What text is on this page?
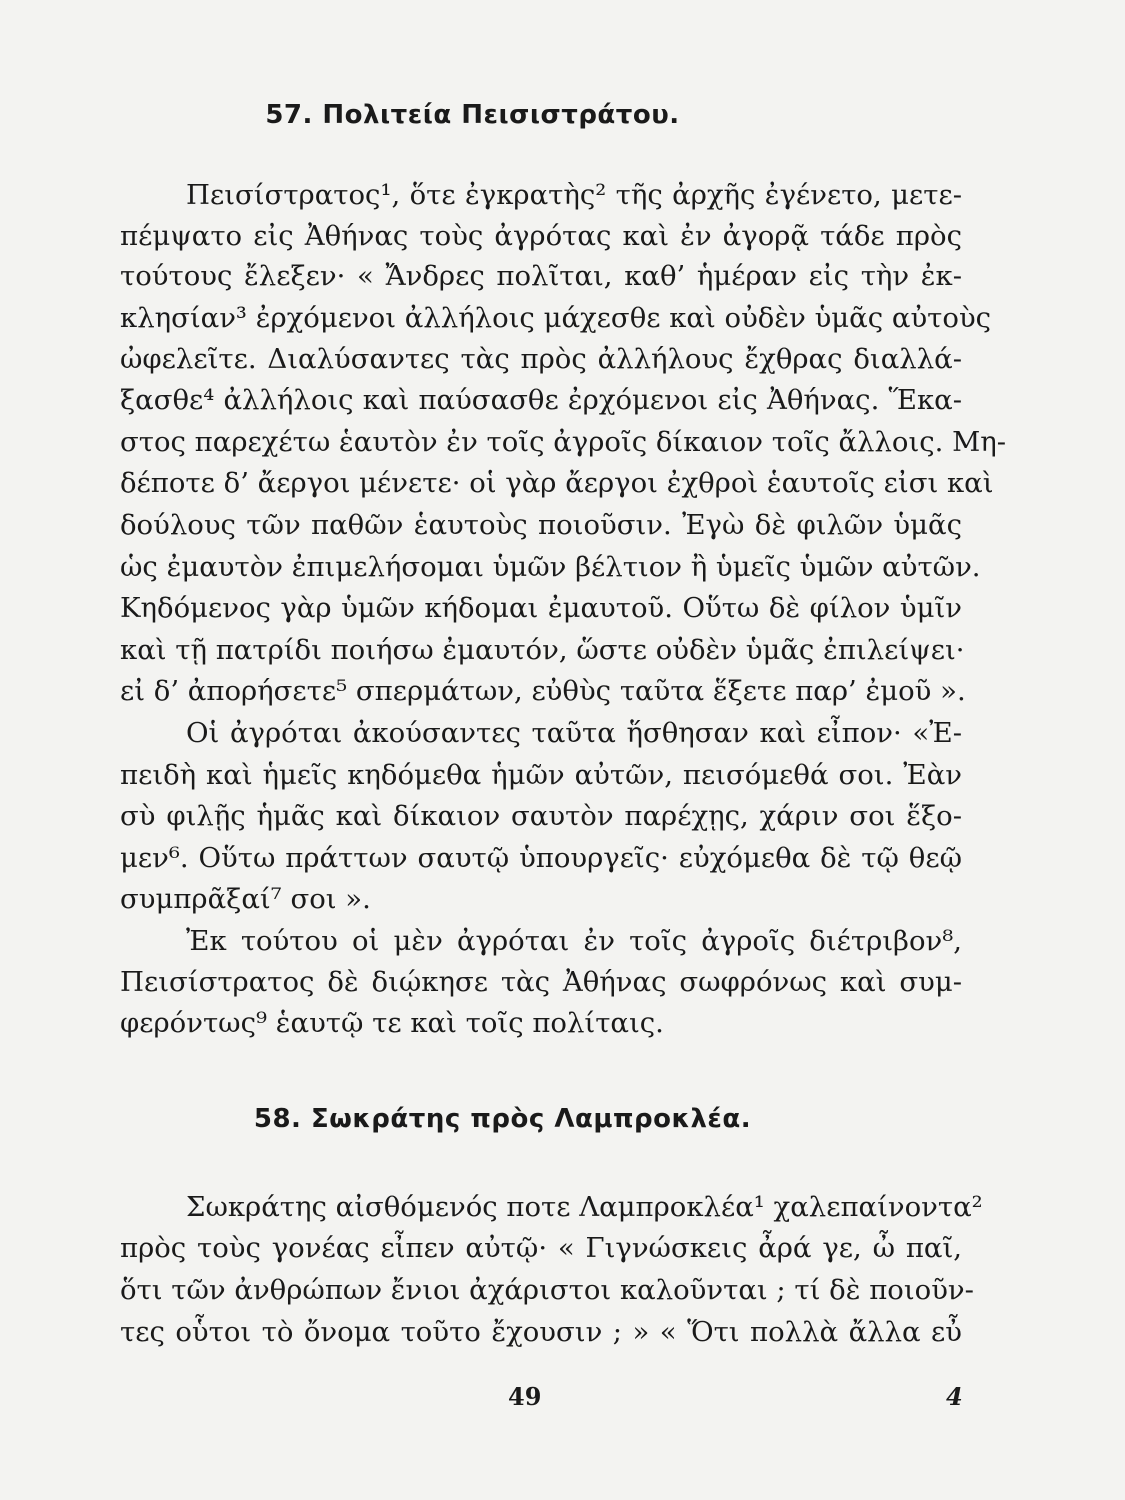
57. Πολιτεία Πεισιστράτου.
Πεισίστρατος¹, ὅτε ἐγκρατὴς² τῆς ἀρχῆς ἐγένετο, μετε-
πέμψατο εἰς Ἀθήνας τοὺς ἀγρότας καὶ ἐν ἀγορᾷ τάδε πρὸς
τούτους ἔλεξεν· « Ἄνδρες πολῖται, καθ’ ἡμέραν εἰς τὴν ἐκ-
κλησίαν³ ἐρχόμενοι ἀλλήλοις μάχεσθε καὶ οὐδὲν ὑμᾶς αὐτοὺς
ὠφελεῖτε. Διαλύσαντες τὰς πρὸς ἀλλήλους ἔχθρας διαλλά-
ξασθε⁴ ἀλλήλοις καὶ παύσασθε ἐρχόμενοι εἰς Ἀθήνας. Ἕκα-
στος παρεχέτω ἑαυτὸν ἐν τοῖς ἀγροῖς δίκαιον τοῖς ἄλλοις. Μη-
δέποτε δ’ ἄεργοι μένετε· οἱ γὰρ ἄεργοι ἐχθροὶ ἑαυτοῖς εἰσι καὶ
δούλους τῶν παθῶν ἑαυτοὺς ποιοῦσιν. Ἐγὼ δὲ φιλῶν ὑμᾶς
ὡς ἐμαυτὸν ἐπιμελήσομαι ὑμῶν βέλτιον ἢ ὑμεῖς ὑμῶν αὐτῶν.
Κηδόμενος γὰρ ὑμῶν κήδομαι ἐμαυτοῦ. Οὕτω δὲ φίλον ὑμῖν
καὶ τῇ πατρίδι ποιήσω ἐμαυτόν, ὥστε οὐδὲν ὑμᾶς ἐπιλείψει·
εἰ δ’ ἀπορήσετε⁵ σπερμάτων, εὐθὺς ταῦτα ἕξετε παρ’ ἐμοῦ ».
Οἱ ἀγρόται ἀκούσαντες ταῦτα ἥσθησαν καὶ εἶπον· «Ἐ-
πειδὴ καὶ ἡμεῖς κηδόμεθα ἡμῶν αὐτῶν, πεισόμεθά σοι. Ἐὰν
σὺ φιλῇς ἡμᾶς καὶ δίκαιον σαυτὸν παρέχῃς, χάριν σοι ἕξο-
μεν⁶. Οὕτω πράττων σαυτῷ ὑπουργεῖς· εὐχόμεθα δὲ τῷ θεῷ
συμπρᾶξαί⁷ σοι ».
Ἐκ τούτου οἱ μὲν ἀγρόται ἐν τοῖς ἀγροῖς διέτριβον⁸,
Πεισίστρατος δὲ διῴκησε τὰς Ἀθήνας σωφρόνως καὶ συμ-
φερόντως⁹ ἑαυτῷ τε καὶ τοῖς πολίταις.
58. Σωκράτης πρὸς Λαμπροκλέα.
Σωκράτης αἰσθόμενός ποτε Λαμπροκλέα¹ χαλεπαίνοντα²
πρὸς τοὺς γονέας εἶπεν αὐτῷ· « Γιγνώσκεις ἆρά γε, ὦ παῖ,
ὅτι τῶν ἀνθρώπων ἔνιοι ἀχάριστοι καλοῦνται ; τί δὲ ποιοῦν-
τες οὗτοι τὸ ὄνομα τοῦτο ἔχουσιν ; » « Ὅτι πολλὰ ἄλλα εὖ
49	4
